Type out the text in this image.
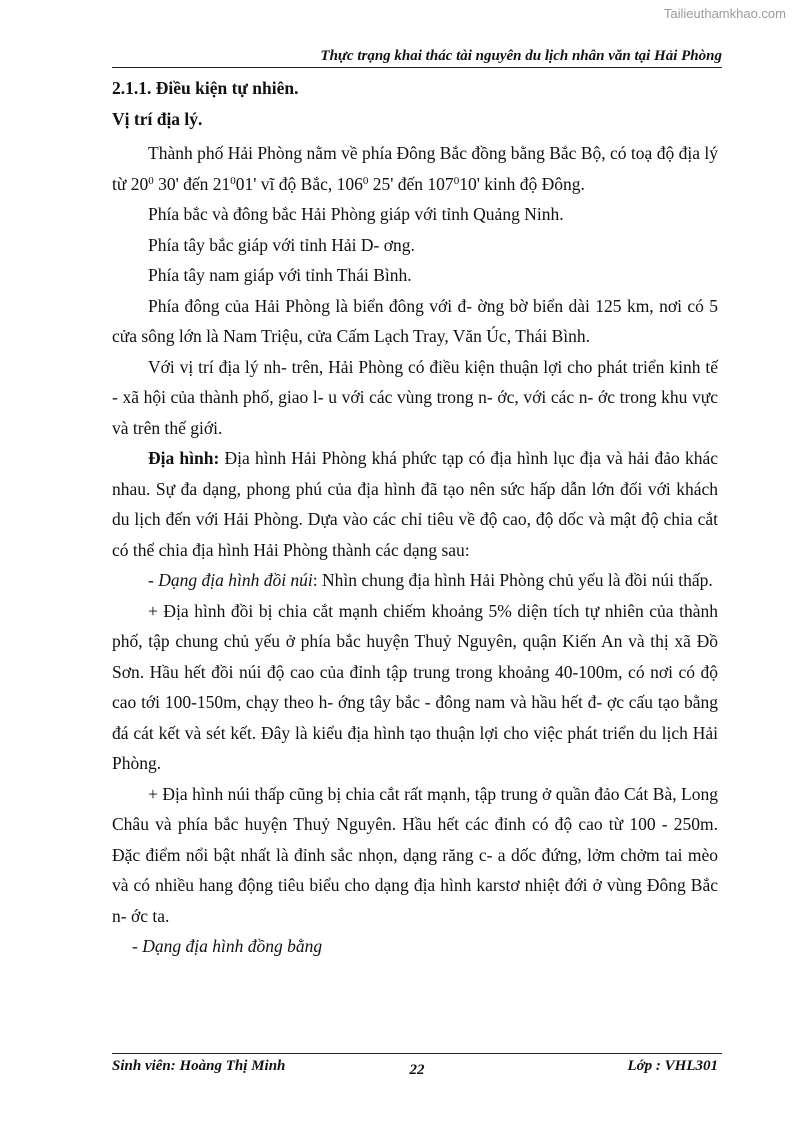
Tailieuthamkhao.com
Thực trạng khai thác tài nguyên du lịch nhân văn tại Hải Phòng

2.1.1. Điều kiện tự nhiên.

Vị trí địa lý.

Thành phố Hải Phòng nằm về phía Đông Bắc đồng bằng Bắc Bộ, có toạ độ địa lý từ $20^0$ 30' đến $21^001'$ vĩ độ Bắc, $106^0$ 25' đến $107^010'$ kinh độ Đông.

Phía bắc và đông bắc Hải Phòng giáp với tỉnh Quảng Ninh.

Phía tây bắc giáp với tỉnh Hải D- ơng.

Phía tây nam giáp với tỉnh Thái Bình.

Phía đông của Hải Phòng là biển đông với đ- ờng bờ biển dài 125 km, nơi có 5 cửa sông lớn là Nam Triệu, cửa Cấm Lạch Tray, Văn Úc, Thái Bình.

Với vị trí địa lý nh- trên, Hải Phòng có điều kiện thuận lợi cho phát triển kinh tế - xã hội của thành phố, giao l- u với các vùng trong n- ớc, với các n- ớc trong khu vực và trên thế giới.

Địa hình: Địa hình Hải Phòng khá phức tạp có địa hình lục địa và hải đảo khác nhau. Sự đa dạng, phong phú của địa hình đã tạo nên sức hấp dẫn lớn đối với khách du lịch đến với Hải Phòng. Dựa vào các chỉ tiêu về độ cao, độ dốc và mật độ chia cắt có thể chia địa hình Hải Phòng thành các dạng sau:

- Dạng địa hình đồi núi: Nhìn chung địa hình Hải Phòng chủ yếu là đồi núi thấp.

+ Địa hình đồi bị chia cắt mạnh chiếm khoảng 5% diện tích tự nhiên của thành phố, tập chung chủ yếu ở phía bắc huyện Thuỷ Nguyên, quận Kiến An và thị xã Đồ Sơn. Hầu hết đồi núi độ cao của đỉnh tập trung trong khoảng 40-100m, có nơi có độ cao tới 100-150m, chạy theo h- ớng tây bắc - đông nam và hầu hết đ- ợc cấu tạo bằng đá cát kết và sét kết. Đây là kiểu địa hình tạo thuận lợi cho việc phát triển du lịch Hải Phòng.

+ Địa hình núi thấp cũng bị chia cắt rất mạnh, tập trung ở quần đảo Cát Bà, Long Châu và phía bắc huyện Thuỷ Nguyên. Hầu hết các đỉnh có độ cao từ 100 - 250m. Đặc điểm nổi bật nhất là đỉnh sắc nhọn, dạng răng c- a dốc đứng, lởm chởm tai mèo và có nhiều hang động tiêu biểu cho dạng địa hình karstơ nhiệt đới ở vùng Đông Bắc n- ớc ta.

- Dạng địa hình đồng bằng

Sinh viên: Hoàng Thị Minh	22	Lớp : VHL301
